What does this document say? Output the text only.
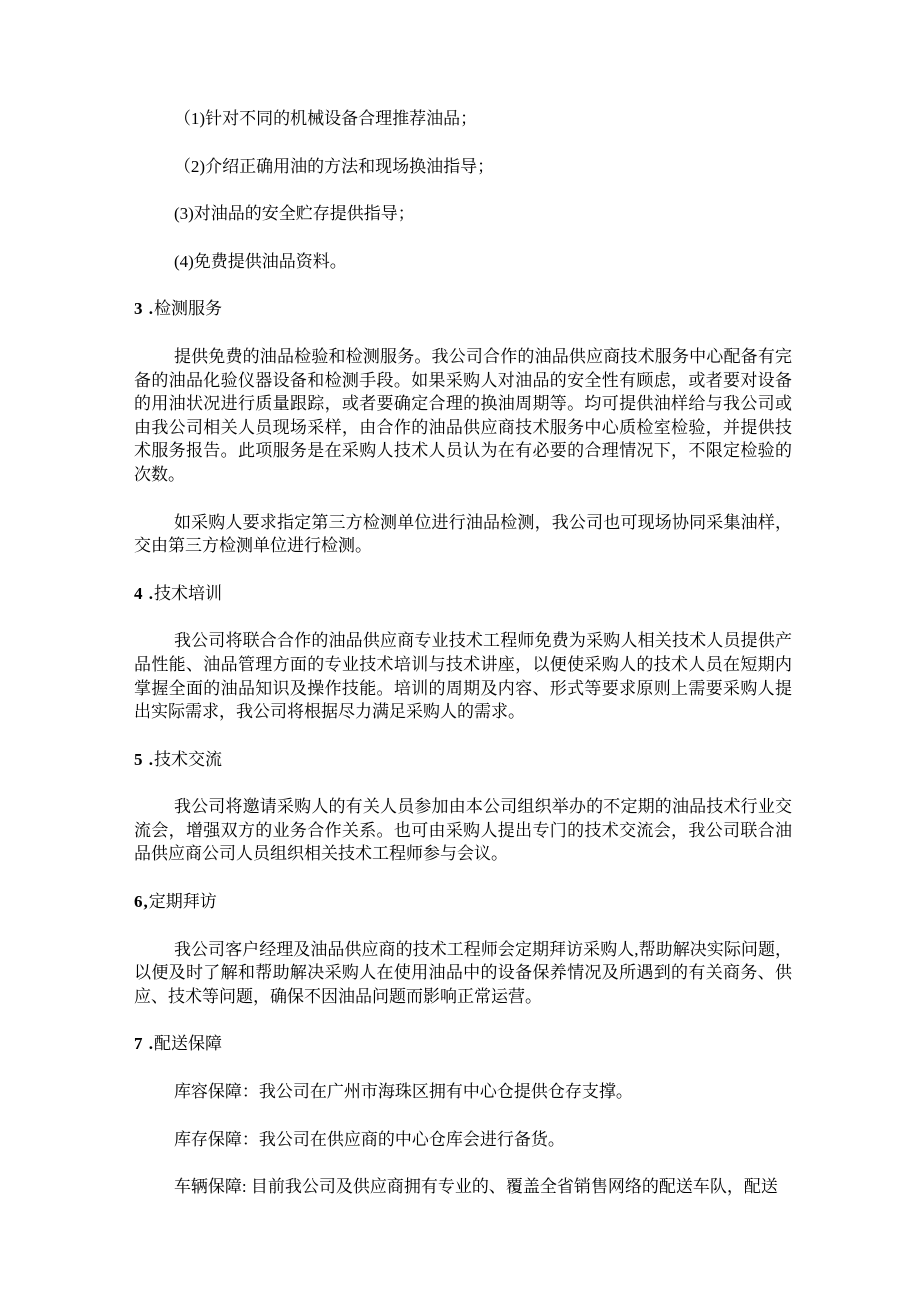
（1)针对不同的机械设备合理推荐油品；

（2)介绍正确用油的方法和现场换油指导；

(3)对油品的安全贮存提供指导；

(4)免费提供油品资料。

3 .检测服务

提供免费的油品检验和检测服务。我公司合作的油品供应商技术服务中心配备有完备的油品化验仪器设备和检测手段。如果采购人对油品的安全性有顾虑，或者要对设备的用油状况进行质量跟踪，或者要确定合理的换油周期等。均可提供油样给与我公司或由我公司相关人员现场采样，由合作的油品供应商技术服务中心质检室检验，并提供技术服务报告。此项服务是在采购人技术人员认为在有必要的合理情况下，不限定检验的次数。

如采购人要求指定第三方检测单位进行油品检测，我公司也可现场协同采集油样，交由第三方检测单位进行检测。

4 .技术培训

我公司将联合合作的油品供应商专业技术工程师免费为采购人相关技术人员提供产品性能、油品管理方面的专业技术培训与技术讲座，以便使采购人的技术人员在短期内掌握全面的油品知识及操作技能。培训的周期及内容、形式等要求原则上需要采购人提出实际需求，我公司将根据尽力满足采购人的需求。

5 .技术交流

我公司将邀请采购人的有关人员参加由本公司组织举办的不定期的油品技术行业交流会，增强双方的业务合作关系。也可由采购人提出专门的技术交流会，我公司联合油品供应商公司人员组织相关技术工程师参与会议。

6,定期拜访

我公司客户经理及油品供应商的技术工程师会定期拜访采购人,帮助解决实际问题，以便及时了解和帮助解决采购人在使用油品中的设备保养情况及所遇到的有关商务、供应、技术等问题，确保不因油品问题而影响正常运营。

7 .配送保障

库容保障：我公司在广州市海珠区拥有中心仓提供仓存支撑。

库存保障：我公司在供应商的中心仓库会进行备货。

车辆保障: 目前我公司及供应商拥有专业的、覆盖全省销售网络的配送车队，配送
